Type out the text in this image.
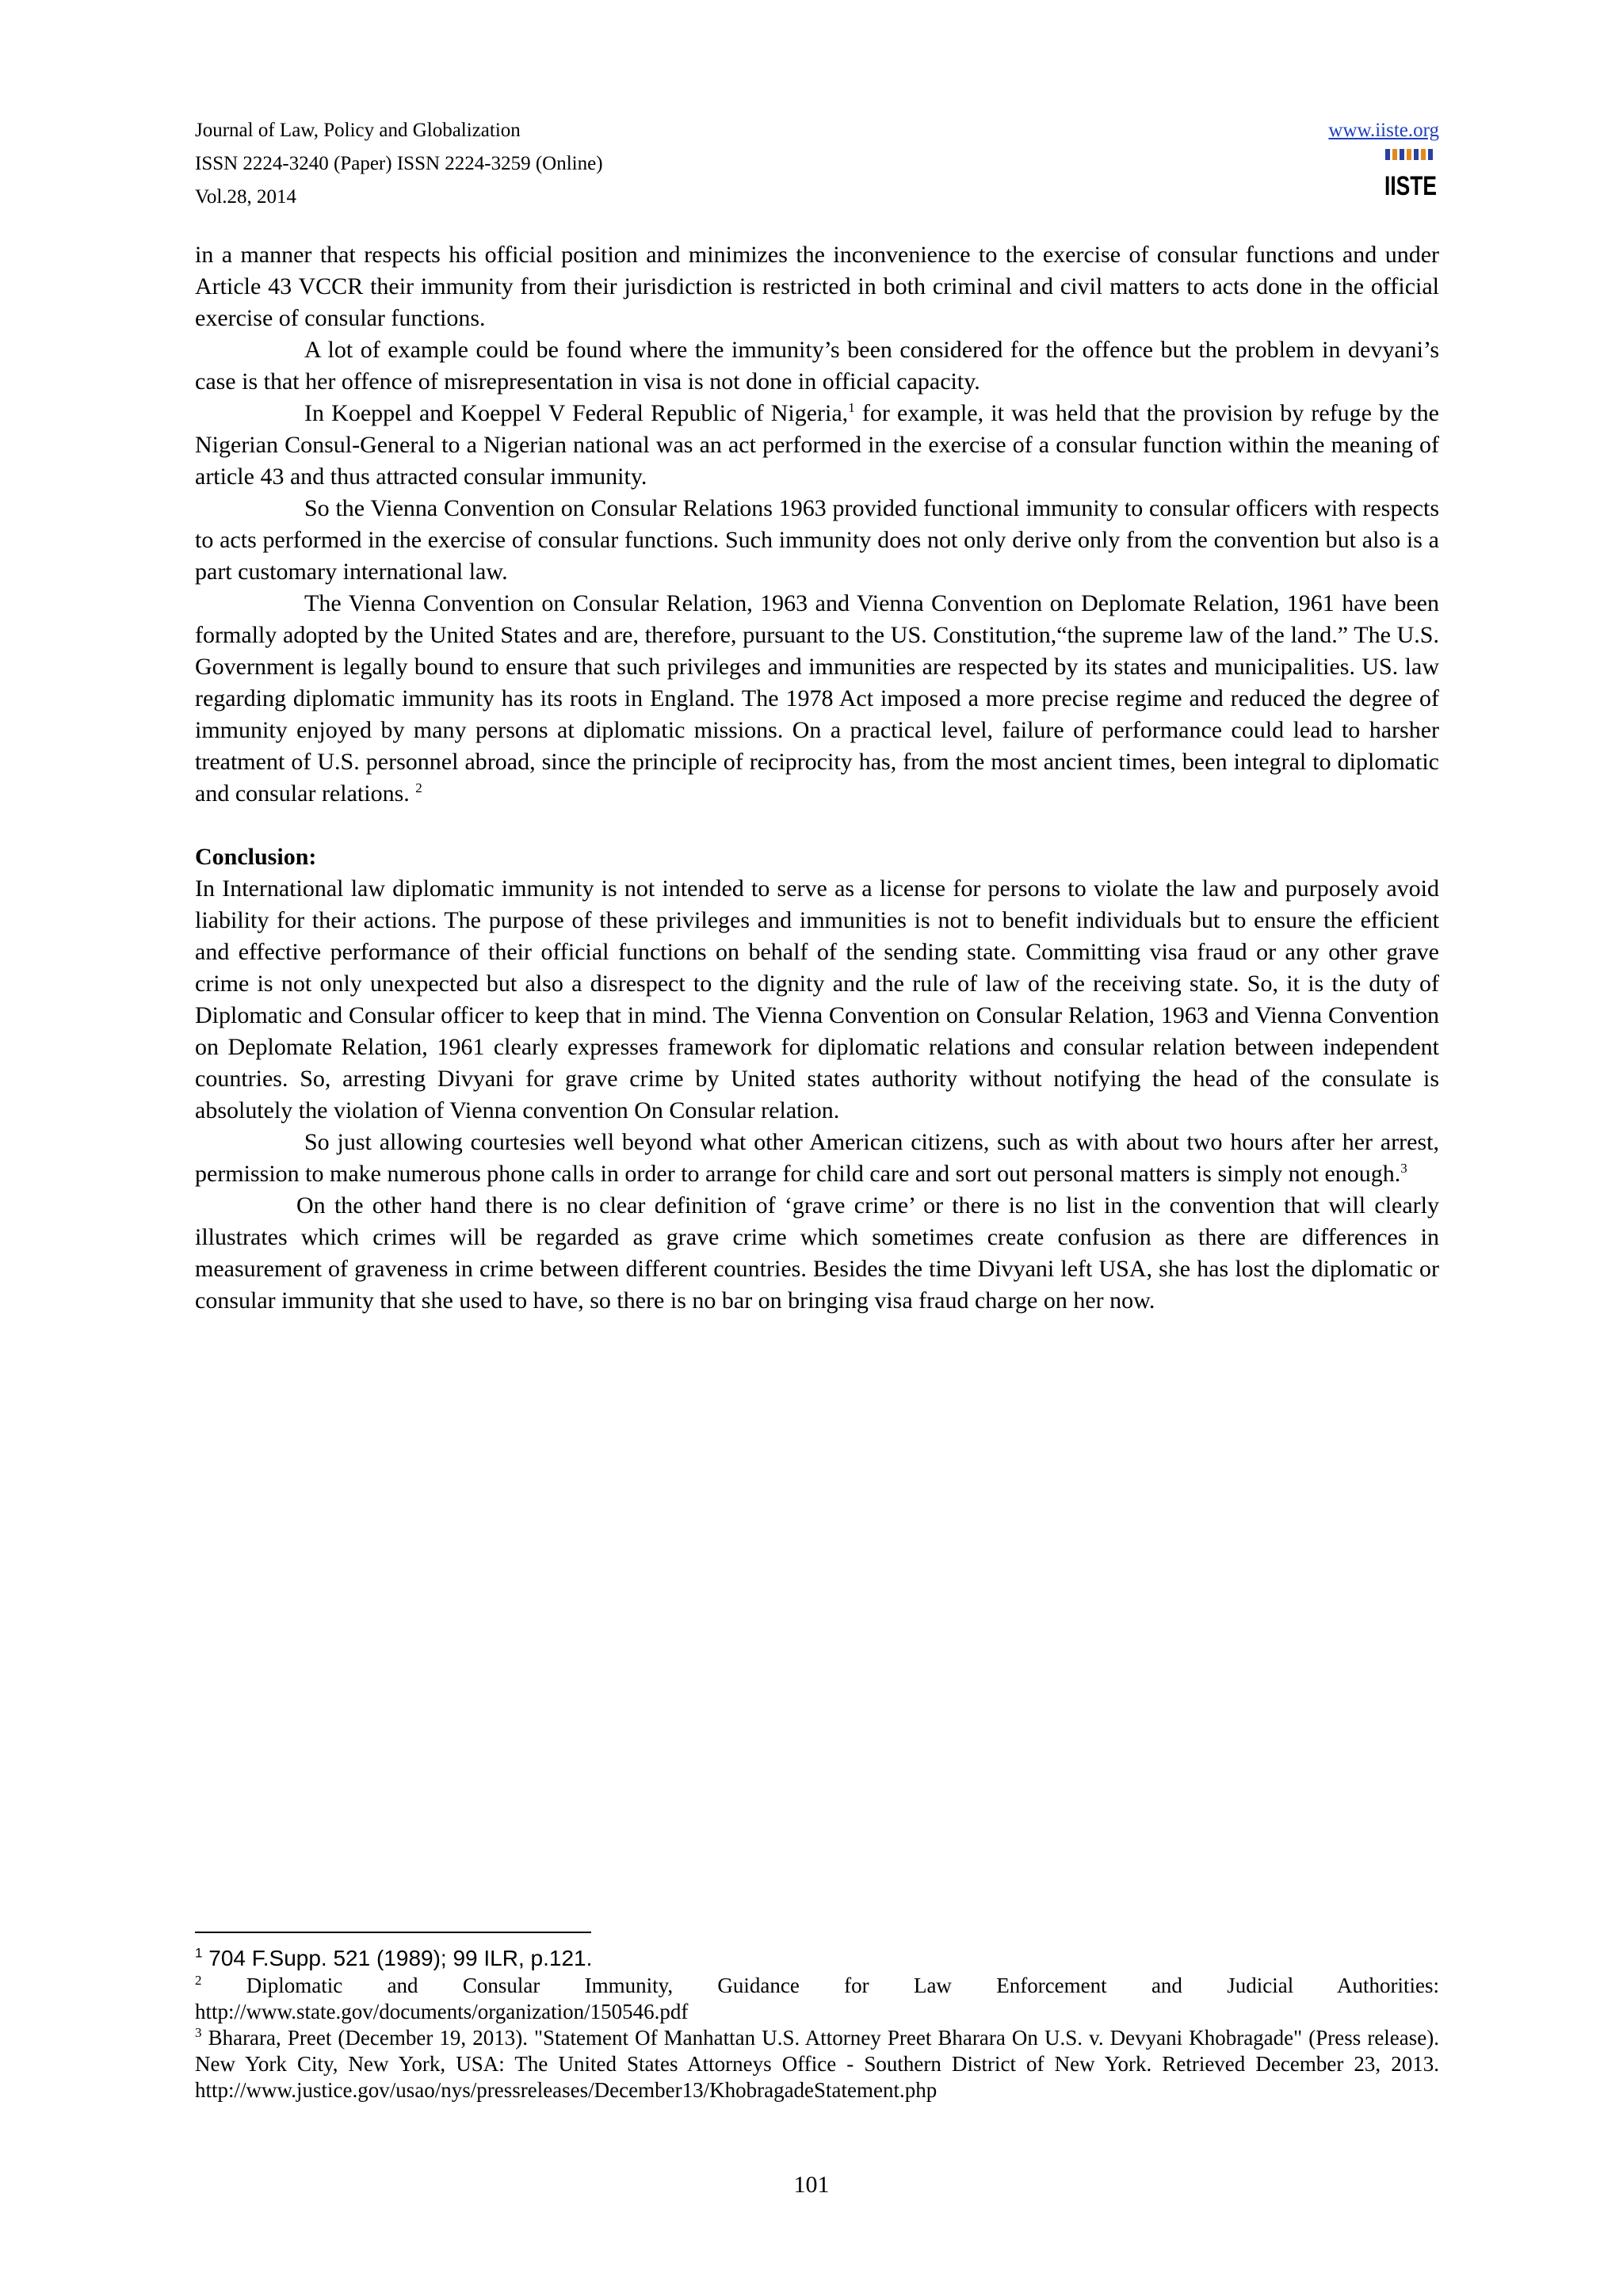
Journal of Law, Policy and Globalization
ISSN 2224-3240 (Paper) ISSN 2224-3259 (Online)
Vol.28, 2014
www.iiste.org
IISTE

in a manner that respects his official position and minimizes the inconvenience to the exercise of consular functions and under Article 43 VCCR their immunity from their jurisdiction is restricted in both criminal and civil matters to acts done in the official exercise of consular functions.

A lot of example could be found where the immunity’s been considered for the offence but the problem in devyani’s case is that her offence of misrepresentation in visa is not done in official capacity.

In Koeppel and Koeppel V Federal Republic of Nigeria,$^1$ for example, it was held that the provision by refuge by the Nigerian Consul-General to a Nigerian national was an act performed in the exercise of a consular function within the meaning of article 43 and thus attracted consular immunity.

So the Vienna Convention on Consular Relations 1963 provided functional immunity to consular officers with respects to acts performed in the exercise of consular functions. Such immunity does not only derive only from the convention but also is a part customary international law.

The Vienna Convention on Consular Relation, 1963 and Vienna Convention on Deplomate Relation, 1961 have been formally adopted by the United States and are, therefore, pursuant to the US. Constitution,“the supreme law of the land.” The U.S. Government is legally bound to ensure that such privileges and immunities are respected by its states and municipalities. US. law regarding diplomatic immunity has its roots in England. The 1978 Act imposed a more precise regime and reduced the degree of immunity enjoyed by many persons at diplomatic missions. On a practical level, failure of performance could lead to harsher treatment of U.S. personnel abroad, since the principle of reciprocity has, from the most ancient times, been integral to diplomatic and consular relations. $^2$

Conclusion:

In International law diplomatic immunity is not intended to serve as a license for persons to violate the law and purposely avoid liability for their actions. The purpose of these privileges and immunities is not to benefit individuals but to ensure the efficient and effective performance of their official functions on behalf of the sending state. Committing visa fraud or any other grave crime is not only unexpected but also a disrespect to the dignity and the rule of law of the receiving state. So, it is the duty of Diplomatic and Consular officer to keep that in mind. The Vienna Convention on Consular Relation, 1963 and Vienna Convention on Deplomate Relation, 1961 clearly expresses framework for diplomatic relations and consular relation between independent countries. So, arresting Divyani for grave crime by United states authority without notifying the head of the consulate is absolutely the violation of Vienna convention On Consular relation.

So just allowing courtesies well beyond what other American citizens, such as with about two hours after her arrest, permission to make numerous phone calls in order to arrange for child care and sort out personal matters is simply not enough.$^3$

On the other hand there is no clear definition of ‘grave crime’ or there is no list in the convention that will clearly illustrates which crimes will be regarded as grave crime which sometimes create confusion as there are differences in measurement of graveness in crime between different countries. Besides the time Divyani left USA, she has lost the diplomatic or consular immunity that she used to have, so there is no bar on bringing visa fraud charge on her now.

$^1$ 704 F.Supp. 521 (1989); 99 ILR, p.121.

$^2$ Diplomatic and Consular Immunity, Guidance for Law Enforcement and Judicial Authorities: http://www.state.gov/documents/organization/150546.pdf

$^3$ Bharara, Preet (December 19, 2013). "Statement Of Manhattan U.S. Attorney Preet Bharara On U.S. v. Devyani Khobragade" (Press release). New York City, New York, USA: The United States Attorneys Office - Southern District of New York. Retrieved December 23, 2013. http://www.justice.gov/usao/nys/pressreleases/December13/KhobragadeStatement.php

101
